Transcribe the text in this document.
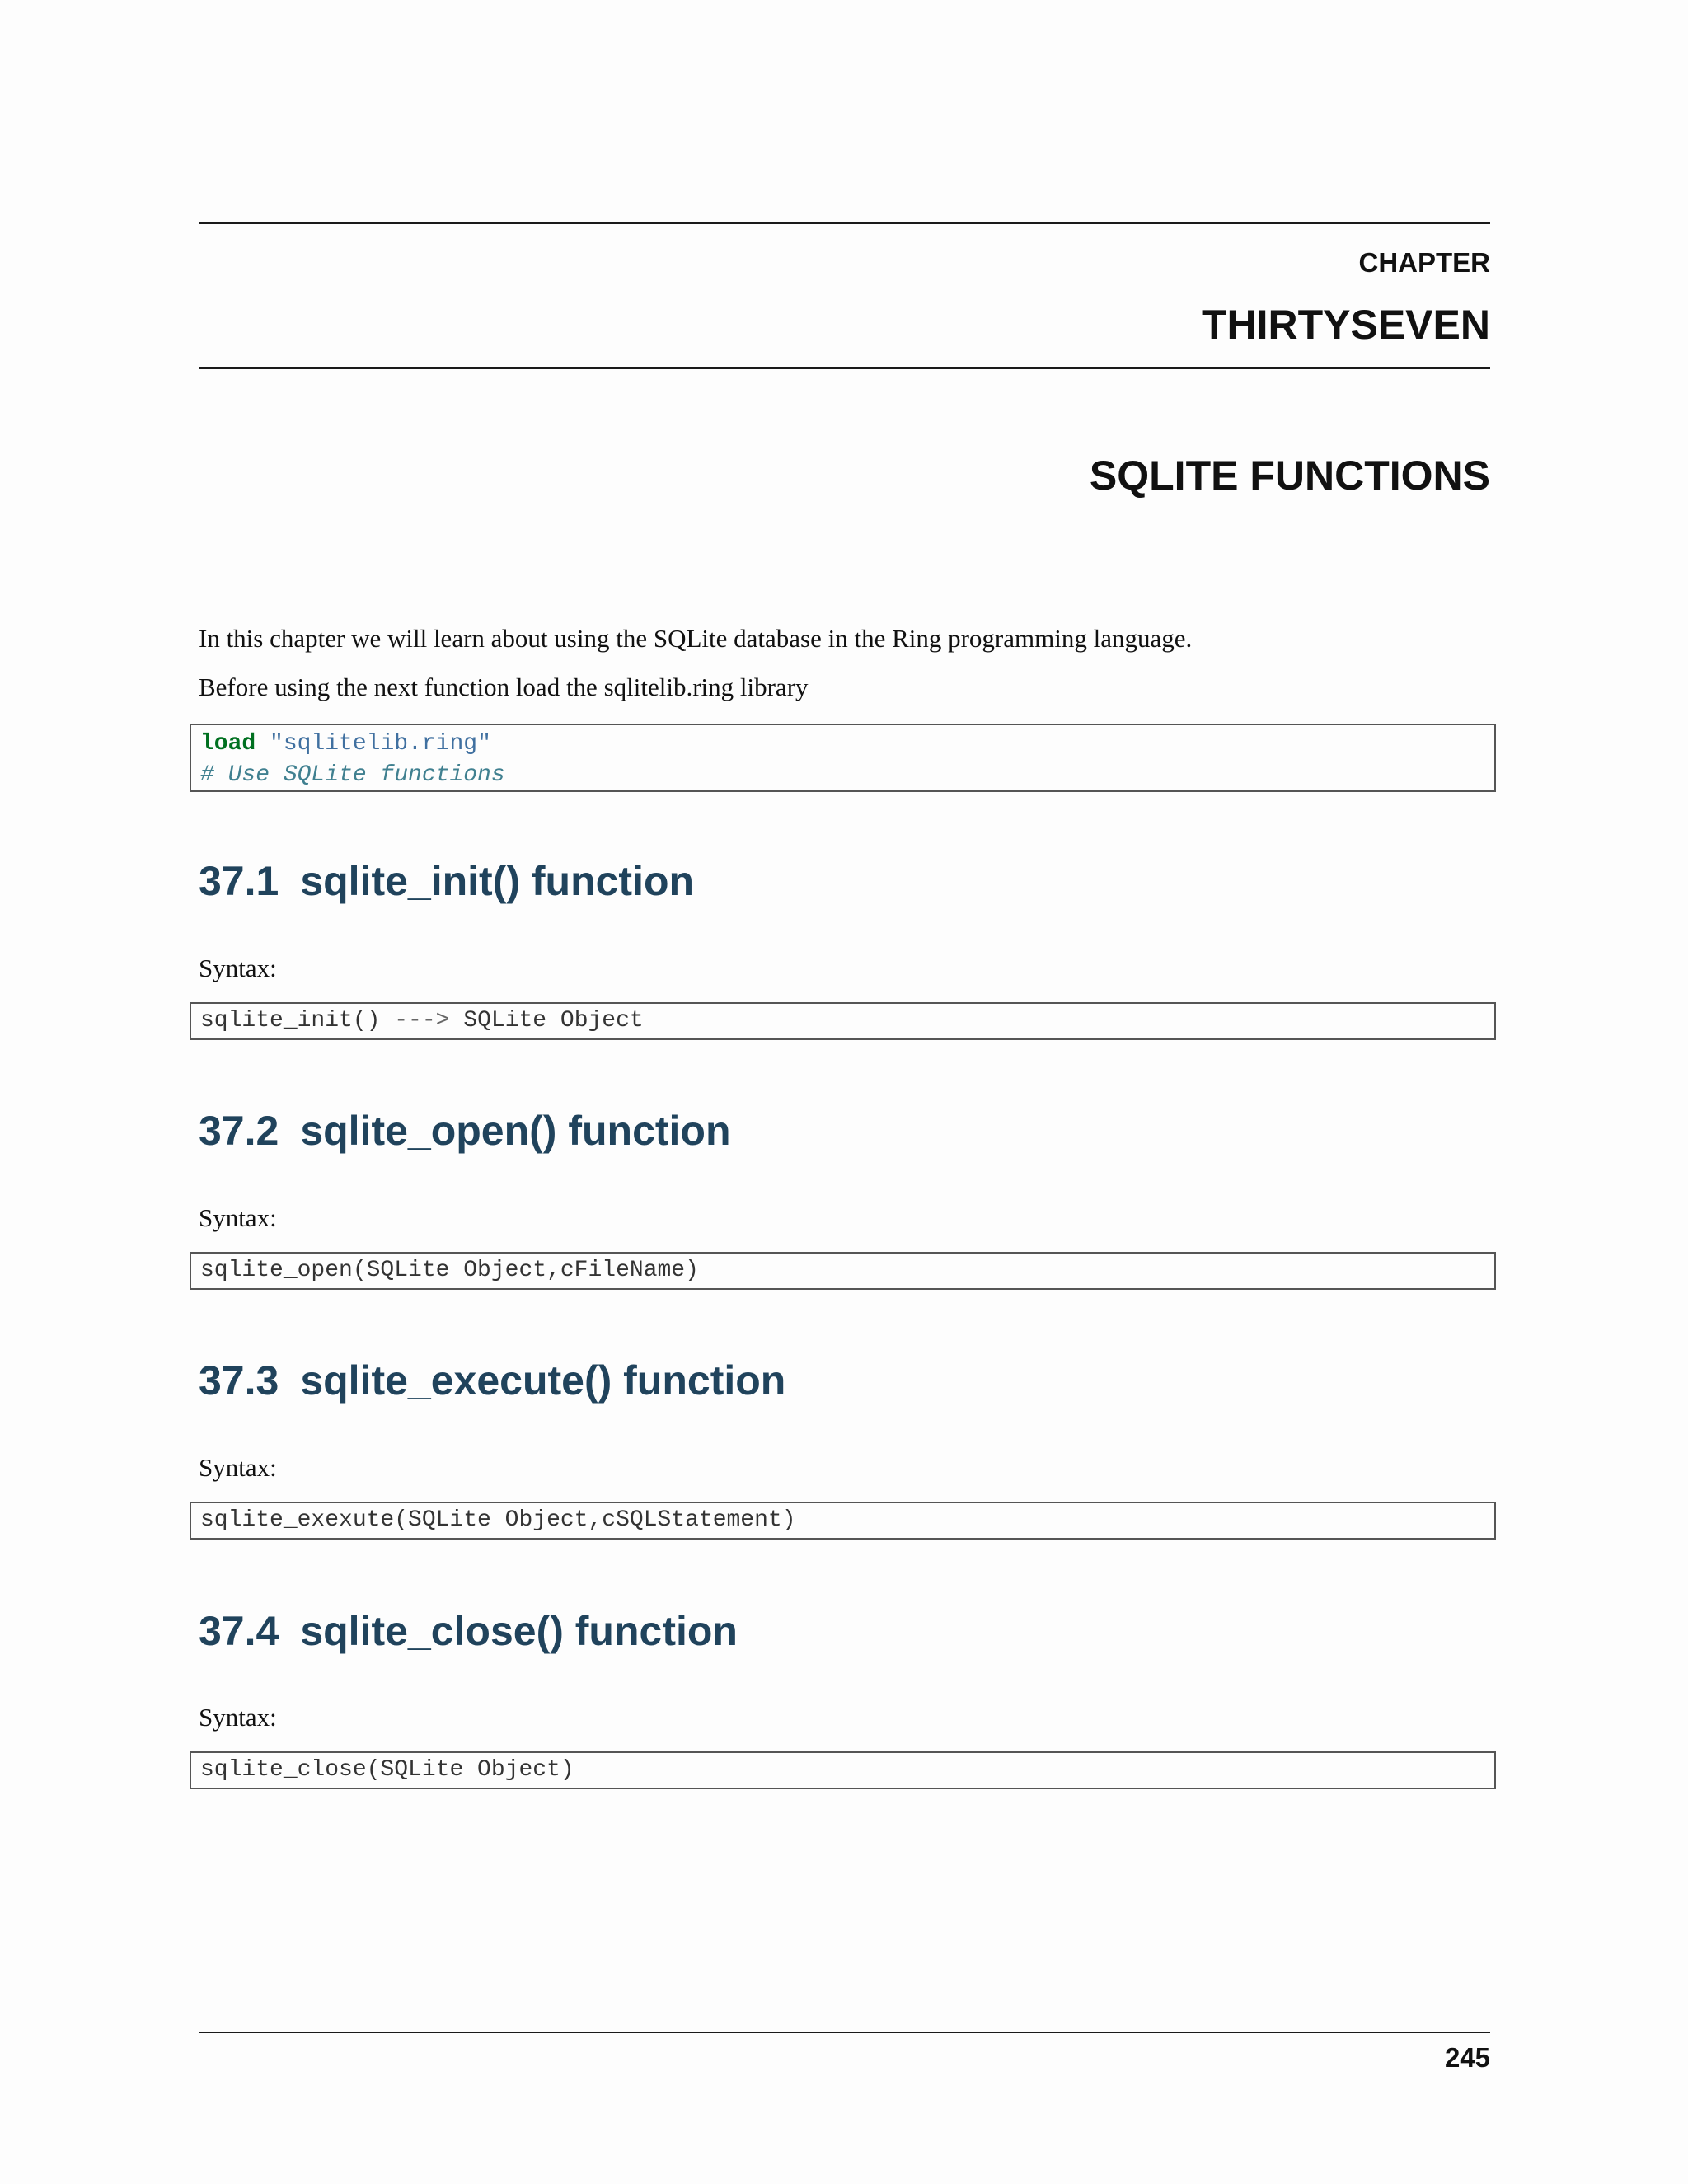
CHAPTER
THIRTYSEVEN
SQLITE FUNCTIONS
In this chapter we will learn about using the SQLite database in the Ring programming language.
Before using the next function load the sqlitelib.ring library
load "sqlitelib.ring"
# Use SQLite functions
37.1 sqlite_init() function
Syntax:
sqlite_init() ---> SQLite Object
37.2 sqlite_open() function
Syntax:
sqlite_open(SQLite Object,cFileName)
37.3 sqlite_execute() function
Syntax:
sqlite_exexute(SQLite Object,cSQLStatement)
37.4 sqlite_close() function
Syntax:
sqlite_close(SQLite Object)
245
